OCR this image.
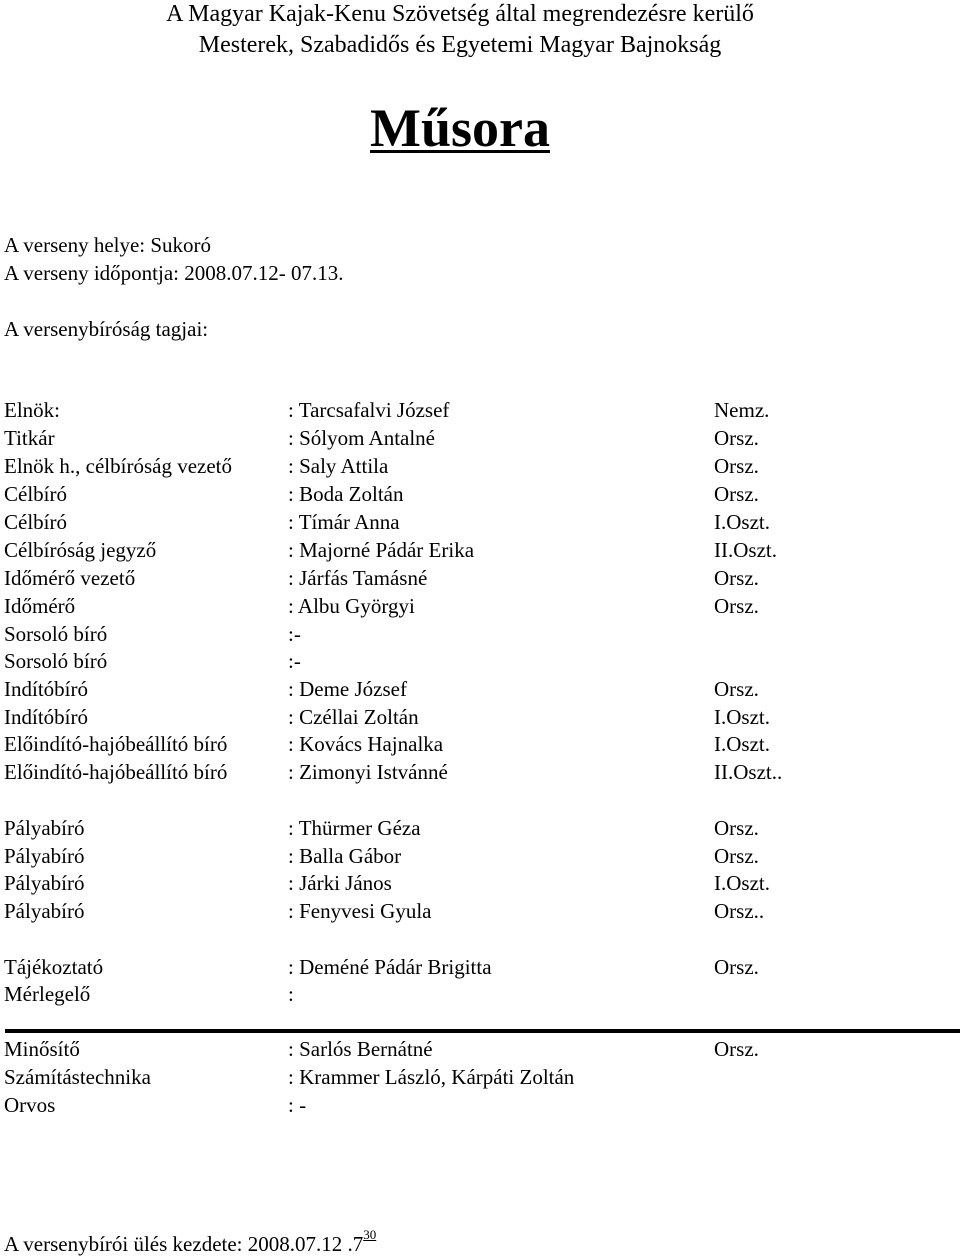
A Magyar Kajak-Kenu Szövetség által megrendezésre kerülő
Mesterek, Szabadidős és Egyetemi Magyar Bajnokság
Műsora
A verseny helye: Sukoró
A verseny időpontja: 2008.07.12- 07.13.
A versenybíróság tagjai:
Elnök:	: Tarcsafalvi József	Nemz.
Titkár	: Sólyom Antalné	Orsz.
Elnök h., célbíróság vezető	: Saly Attila	Orsz.
Célbíró	: Boda Zoltán	Orsz.
Célbíró	: Tímár Anna	I.Oszt.
Célbíróság jegyző	: Majorné Pádár Erika	II.Oszt.
Időmérő vezető	: Járfás Tamásné	Orsz.
Időmérő	: Albu Györgyi	Orsz.
Sorsoló bíró	:-
Sorsoló bíró	:-
Indítóbíró	: Deme József	Orsz.
Indítóbíró	: Czéllai Zoltán	I.Oszt.
Előindító-hajóbeállító bíró	: Kovács Hajnalka	I.Oszt.
Előindító-hajóbeállító bíró	: Zimonyi Istvánné	II.Oszt..
Pályabíró	: Thürmer Géza	Orsz.
Pályabíró	: Balla Gábor	Orsz.
Pályabíró	: Járki János	I.Oszt.
Pályabíró	: Fenyvesi Gyula	Orsz..
Tájékoztató	: Deméné Pádár Brigitta	Orsz.
Mérlegelő	:
Minősítő	: Sarlós Bernátné	Orsz.
Számítástechnika	: Krammer László, Kárpáti Zoltán
Orvos	: -
A versenybírói ülés kezdete: 2008.07.12 $.7^{30}$
